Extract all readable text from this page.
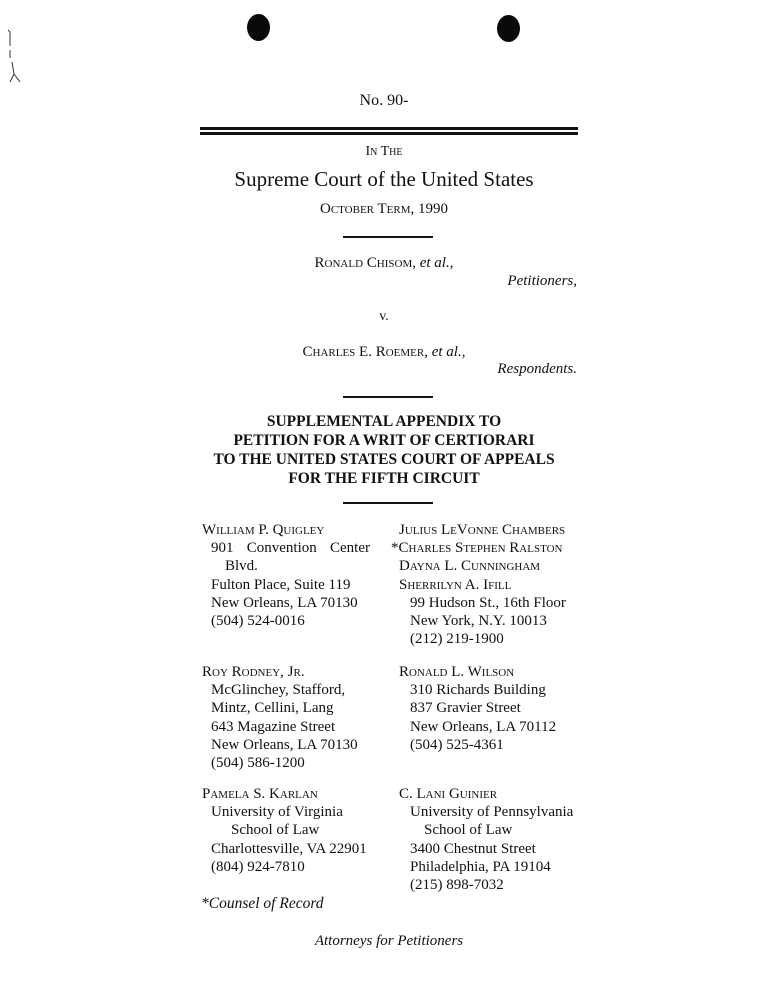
No. 90-
In The
Supreme Court of the United States
October Term, 1990
Ronald Chisom, et al.,
Petitioners,
v.
Charles E. Roemer, et al.,
Respondents.
SUPPLEMENTAL APPENDIX TO
PETITION FOR A WRIT OF CERTIORARI
TO THE UNITED STATES COURT OF APPEALS
FOR THE FIFTH CIRCUIT
William P. Quigley
901 Convention Center
Blvd.
Fulton Place, Suite 119
New Orleans, LA 70130
(504) 524-0016
Roy Rodney, Jr.
McGlinchey, Stafford,
Mintz, Cellini, Lang
643 Magazine Street
New Orleans, LA 70130
(504) 586-1200
Pamela S. Karlan
University of Virginia
School of Law
Charlottesville, VA 22901
(804) 924-7810
*Counsel of Record
Julius LeVonne Chambers
*Charles Stephen Ralston
Dayna L. Cunningham
Sherrilyn A. Ifill
99 Hudson St., 16th Floor
New York, N.Y. 10013
(212) 219-1900
Ronald L. Wilson
310 Richards Building
837 Gravier Street
New Orleans, LA 70112
(504) 525-4361
C. Lani Guinier
University of Pennsylvania
School of Law
3400 Chestnut Street
Philadelphia, PA 19104
(215) 898-7032
Attorneys for Petitioners
